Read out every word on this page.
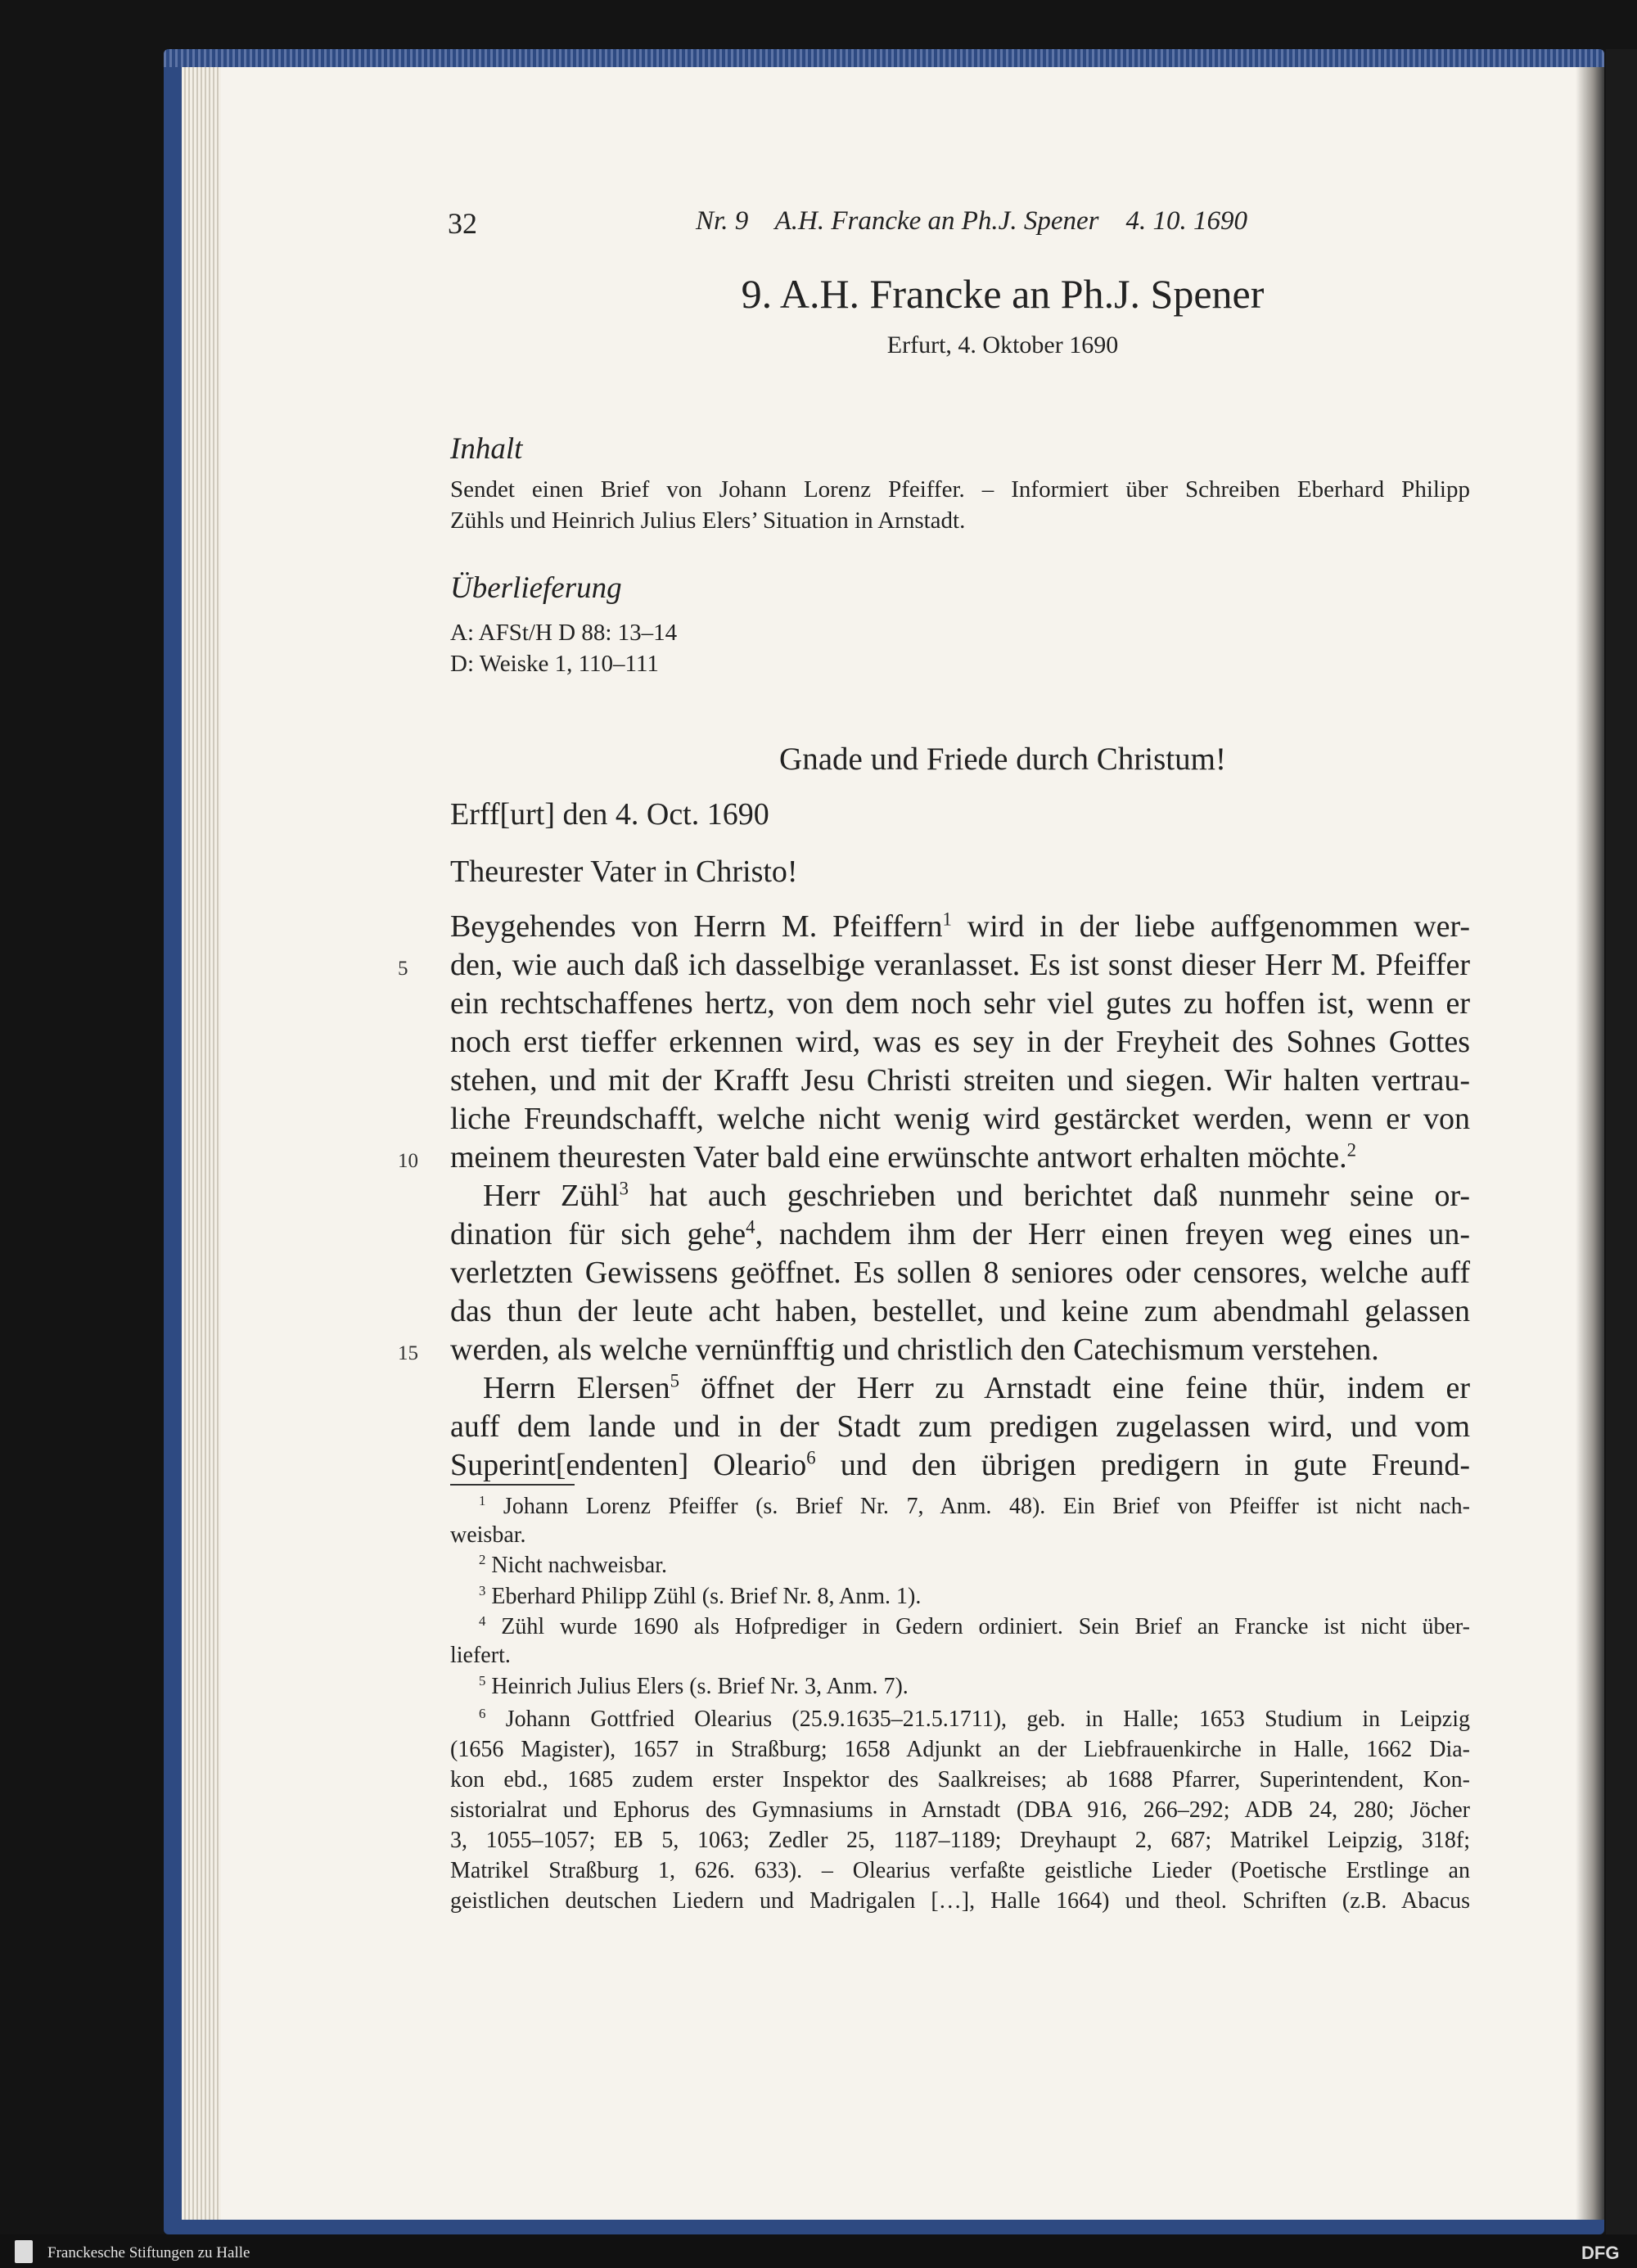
32	Nr. 9    A.H. Francke an Ph.J. Spener    4. 10. 1690
9. A.H. Francke an Ph.J. Spener
Erfurt, 4. Oktober 1690
Inhalt
Sendet einen Brief von Johann Lorenz Pfeiffer. – Informiert über Schreiben Eberhard Philipp
Zühls und Heinrich Julius Elers’ Situation in Arnstadt.
Überlieferung
A: AFSt/H D 88: 13–14
D: Weiske 1, 110–111
Gnade und Friede durch Christum!
Erff[urt] den 4. Oct. 1690
Theurester Vater in Christo!
Beygehendes von Herrn M. Pfeiffern$^1$ wird in der liebe auffgenommen wer-
den, wie auch daß ich dasselbige veranlasset. Es ist sonst dieser Herr M. Pfeiffer
ein rechtschaffenes hertz, von dem noch sehr viel gutes zu hoffen ist, wenn er
noch erst tieffer erkennen wird, was es sey in der Freyheit des Sohnes Gottes
stehen, und mit der Krafft Jesu Christi streiten und siegen. Wir halten vertrau-
liche Freundschafft, welche nicht wenig wird gestärcket werden, wenn er von
meinem theuresten Vater bald eine erwünschte antwort erhalten möchte.$^2$
Herr Zühl$^3$ hat auch geschrieben und berichtet daß nunmehr seine or-
dination für sich gehe$^4$, nachdem ihm der Herr einen freyen weg eines un-
verletzten Gewissens geöffnet. Es sollen 8 seniores oder censores, welche auff
das thun der leute acht haben, bestellet, und keine zum abendmahl gelassen
werden, als welche vernünfftig und christlich den Catechismum verstehen.
Herrn Elersen$^5$ öffnet der Herr zu Arnstadt eine feine thür, indem er
auff dem lande und in der Stadt zum predigen zugelassen wird, und vom
Superint[endenten] Oleario$^6$ und den übrigen predigern in gute Freund-
5
10
15
$^1$ Johann Lorenz Pfeiffer (s. Brief Nr. 7, Anm. 48). Ein Brief von Pfeiffer ist nicht nach-
weisbar.
$^2$ Nicht nachweisbar.
$^3$ Eberhard Philipp Zühl (s. Brief Nr. 8, Anm. 1).
$^4$ Zühl wurde 1690 als Hofprediger in Gedern ordiniert. Sein Brief an Francke ist nicht über-
liefert.
$^5$ Heinrich Julius Elers (s. Brief Nr. 3, Anm. 7).
$^6$ Johann Gottfried Olearius (25.9.1635–21.5.1711), geb. in Halle; 1653 Studium in Leipzig
(1656 Magister), 1657 in Straßburg; 1658 Adjunkt an der Liebfrauenkirche in Halle, 1662 Dia-
kon ebd., 1685 zudem erster Inspektor des Saalkreises; ab 1688 Pfarrer, Superintendent, Kon-
sistorialrat und Ephorus des Gymnasiums in Arnstadt (DBA 916, 266–292; ADB 24, 280; Jöcher
3, 1055–1057; EB 5, 1063; Zedler 25, 1187–1189; Dreyhaupt 2, 687; Matrikel Leipzig, 318f;
Matrikel Straßburg 1, 626. 633). – Olearius verfaßte geistliche Lieder (Poetische Erstlinge an
geistlichen deutschen Liedern und Madrigalen […], Halle 1664) und theol. Schriften (z.B. Abacus
Franckesche Stiftungen zu Halle	DFG
